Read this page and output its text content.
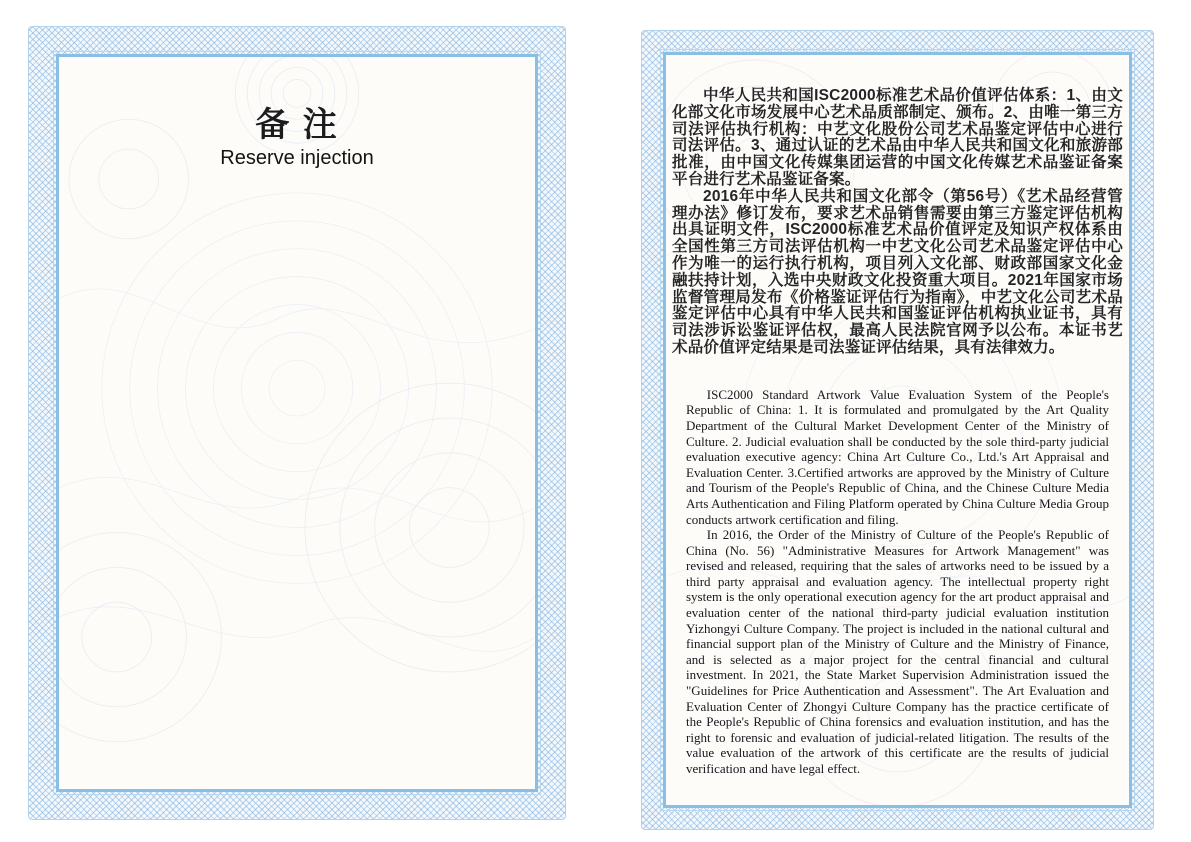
备 注
Reserve injection

中华人民共和国ISC2000标准艺术品价值评估体系：1、由文化部文化市场发展中心艺术品质部制定、颁布。2、由唯一第三方司法评估执行机构：中艺文化股份公司艺术品鉴定评估中心进行司法评估。3、通过认证的艺术品由中华人民共和国文化和旅游部批准，由中国文化传媒集团运营的中国文化传媒艺术品鉴证备案平台进行艺术品鉴证备案。

2016年中华人民共和国文化部令（第56号）《艺术品经营管理办法》修订发布，要求艺术品销售需要由第三方鉴定评估机构出具证明文件，ISC2000标准艺术品价值评定及知识产权体系由全国性第三方司法评估机构一中艺文化公司艺术品鉴定评估中心作为唯一的运行执行机构，项目列入文化部、财政部国家文化金融扶持计划，入选中央财政文化投资重大项目。2021年国家市场监督管理局发布《价格鉴证评估行为指南》，中艺文化公司艺术品鉴定评估中心具有中华人民共和国鉴证评估机构执业证书，具有司法涉诉讼鉴证评估权，最高人民法院官网予以公布。本证书艺术品价值评定结果是司法鉴证评估结果，具有法律效力。

ISC2000 Standard Artwork Value Evaluation System of the People's Republic of China: 1. It is formulated and promulgated by the Art Quality Department of the Cultural Market Development Center of the Ministry of Culture. 2. Judicial evaluation shall be conducted by the sole third-party judicial evaluation executive agency: China Art Culture Co., Ltd.'s Art Appraisal and Evaluation Center. 3.Certified artworks are approved by the Ministry of Culture and Tourism of the People's Republic of China, and the Chinese Culture Media Arts Authentication and Filing Platform operated by China Culture Media Group conducts artwork certification and filing.

In 2016, the Order of the Ministry of Culture of the People's Republic of China (No. 56) "Administrative Measures for Artwork Management" was revised and released, requiring that the sales of artworks need to be issued by a third party appraisal and evaluation agency. The intellectual property right system is the only operational execution agency for the art product appraisal and evaluation center of the national third-party judicial evaluation institution Yizhongyi Culture Company. The project is included in the national cultural and financial support plan of the Ministry of Culture and the Ministry of Finance, and is selected as a major project for the central financial and cultural investment. In 2021, the State Market Supervision Administration issued the "Guidelines for Price Authentication and Assessment". The Art Evaluation and Evaluation Center of Zhongyi Culture Company has the practice certificate of the People's Republic of China forensics and evaluation institution, and has the right to forensic and evaluation of judicial-related litigation. The results of the value evaluation of the artwork of this certificate are the results of judicial verification and have legal effect.
